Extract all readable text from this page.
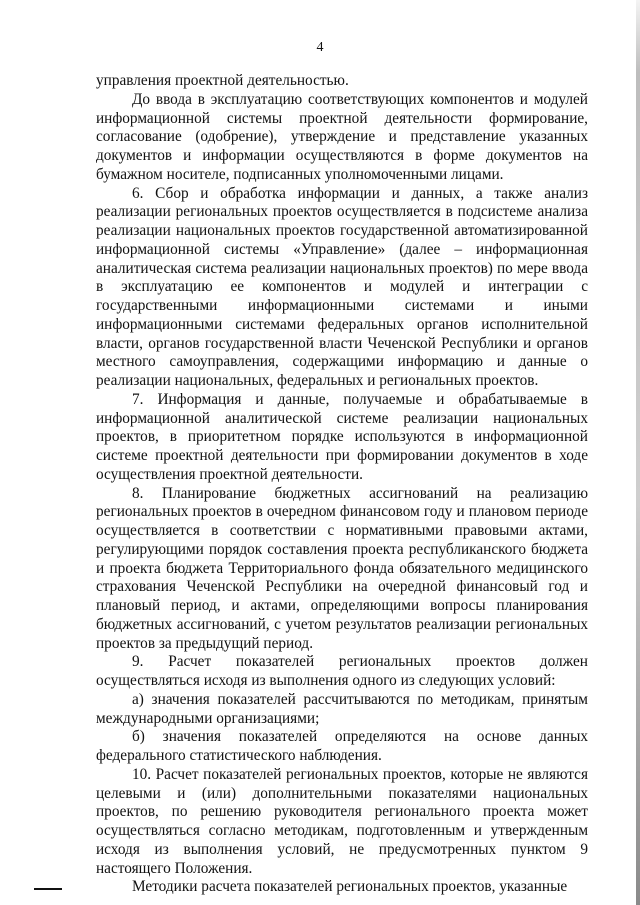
4

управления проектной деятельностью.

До ввода в эксплуатацию соответствующих компонентов и модулей информационной системы проектной деятельности формирование, согласование (одобрение), утверждение и представление указанных документов и информации осуществляются в форме документов на бумажном носителе, подписанных уполномоченными лицами.

6. Сбор и обработка информации и данных, а также анализ реализации региональных проектов осуществляется в подсистеме анализа реализации национальных проектов государственной автоматизированной информационной системы «Управление» (далее – информационная аналитическая система реализации национальных проектов) по мере ввода в эксплуатацию ее компонентов и модулей и интеграции с государственными информационными системами и иными информационными системами федеральных органов исполнительной власти, органов государственной власти Чеченской Республики и органов местного самоуправления, содержащими информацию и данные о реализации национальных, федеральных и региональных проектов.

7. Информация и данные, получаемые и обрабатываемые в информационной аналитической системе реализации национальных проектов, в приоритетном порядке используются в информационной системе проектной деятельности при формировании документов в ходе осуществления проектной деятельности.

8. Планирование бюджетных ассигнований на реализацию региональных проектов в очередном финансовом году и плановом периоде осуществляется в соответствии с нормативными правовыми актами, регулирующими порядок составления проекта республиканского бюджета и проекта бюджета Территориального фонда обязательного медицинского страхования Чеченской Республики на очередной финансовый год и плановый период, и актами, определяющими вопросы планирования бюджетных ассигнований, с учетом результатов реализации региональных проектов за предыдущий период.

9. Расчет показателей региональных проектов должен осуществляться исходя из выполнения одного из следующих условий:

а) значения показателей рассчитываются по методикам, принятым международными организациями;

б) значения показателей определяются на основе данных федерального статистического наблюдения.

10. Расчет показателей региональных проектов, которые не являются целевыми и (или) дополнительными показателями национальных проектов, по решению руководителя регионального проекта может осуществляться согласно методикам, подготовленным и утвержденным исходя из выполнения условий, не предусмотренных пунктом 9 настоящего Положения.

Методики расчета показателей региональных проектов, указанные
